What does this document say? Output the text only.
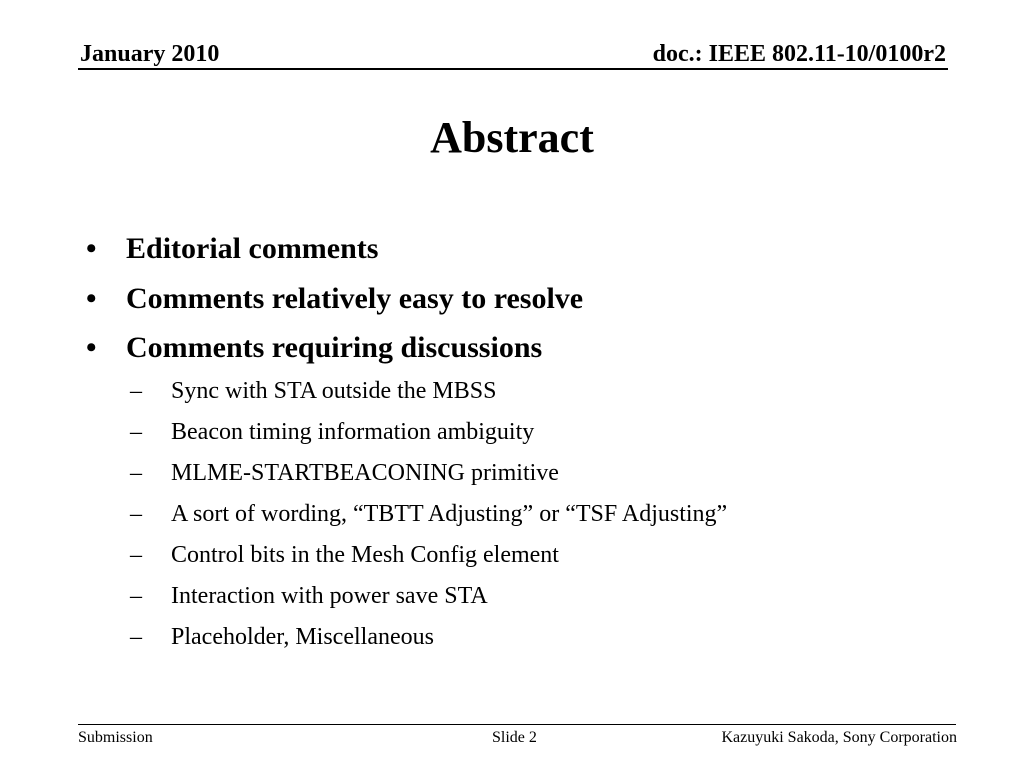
January 2010	doc.: IEEE 802.11-10/0100r2
Abstract
• Editorial comments
• Comments relatively easy to resolve
• Comments requiring discussions
– Sync with STA outside the MBSS
– Beacon timing information ambiguity
– MLME-STARTBEACONING primitive
– A sort of wording, “TBTT Adjusting” or “TSF Adjusting”
– Control bits in the Mesh Config element
– Interaction with power save STA
– Placeholder, Miscellaneous
Submission	Slide 2	Kazuyuki Sakoda, Sony Corporation
